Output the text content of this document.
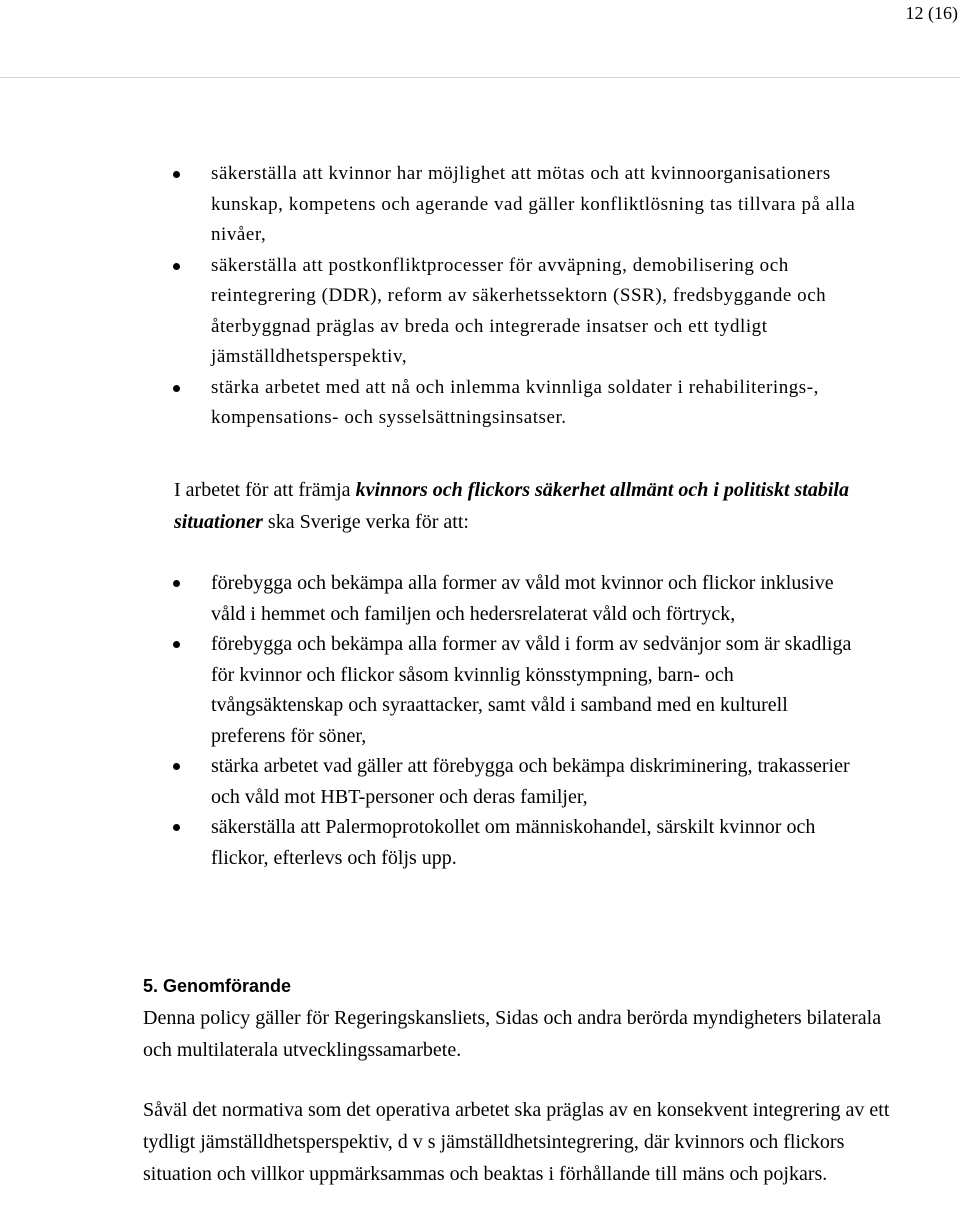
12 (16)
säkerställa att kvinnor har möjlighet att mötas och att kvinnoorganisationers kunskap, kompetens och agerande vad gäller konfliktlösning tas tillvara på alla nivåer,
säkerställa att postkonfliktprocesser för avväpning, demobilisering och reintegrering (DDR), reform av säkerhetssektorn (SSR), fredsbyggande och återbyggnad präglas av breda och integrerade insatser och ett tydligt jämställdhetsperspektiv,
stärka arbetet med att nå och inlemma kvinnliga soldater i rehabiliterings-, kompensations- och sysselsättningsinsatser.

I arbetet för att främja kvinnors och flickors säkerhet allmänt och i politiskt stabila situationer ska Sverige verka för att:

förebygga och bekämpa alla former av våld mot kvinnor och flickor inklusive våld i hemmet och familjen och hedersrelaterat våld och förtryck,
förebygga och bekämpa alla former av våld i form av sedvänjor som är skadliga för kvinnor och flickor såsom kvinnlig könsstympning, barn- och tvångsäktenskap och syraattacker, samt våld i samband med en kulturell preferens för söner,
stärka arbetet vad gäller att förebygga och bekämpa diskriminering, trakasserier och våld mot HBT-personer och deras familjer,
säkerställa att Palermoprotokollet om människohandel, särskilt kvinnor och flickor, efterlevs och följs upp.
5. Genomförande

Denna policy gäller för Regeringskansliets, Sidas och andra berörda myndigheters bilaterala och multilaterala utvecklingssamarbete.

Såväl det normativa som det operativa arbetet ska präglas av en konsekvent integrering av ett tydligt jämställdhetsperspektiv, d v s jämställdhetsintegrering, där kvinnors och flickors situation och villkor uppmärksammas och beaktas i förhållande till mäns och pojkars.
